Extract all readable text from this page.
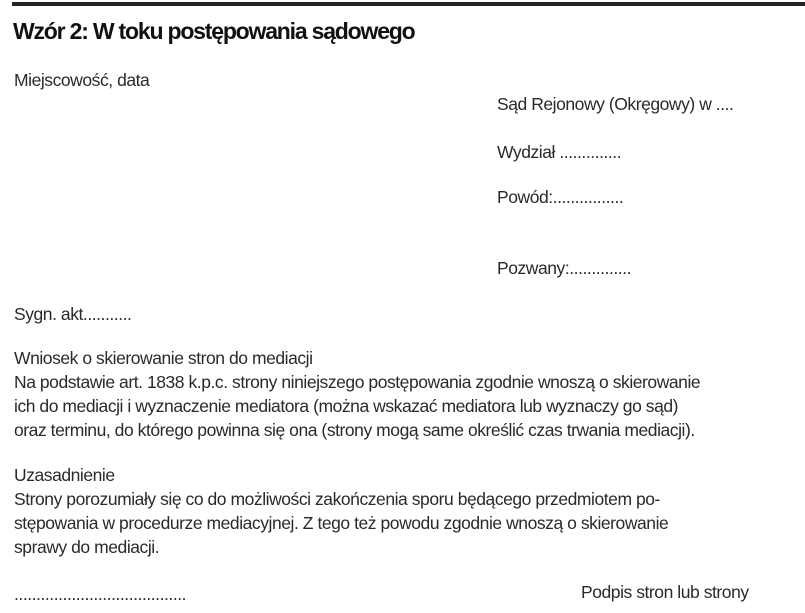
Wzór 2: W toku postępowania sądowego
Miejscowość, data
Sąd Rejonowy (Okręgowy) w ....
Wydział ..............
Powód:................
Pozwany:..............
Sygn. akt...........
Wniosek o skierowanie stron do mediacji
Na podstawie art. 1838 k.p.c. strony niniejszego postępowania zgodnie wnoszą o skierowanie
ich do mediacji i wyznaczenie mediatora (można wskazać mediatora lub wyznaczy go sąd)
oraz terminu, do którego powinna się ona (strony mogą same określić czas trwania mediacji).
Uzasadnienie
Strony porozumiały się co do możliwości zakończenia sporu będącego przedmiotem po-
stępowania w procedurze mediacyjnej. Z tego też powodu zgodnie wnoszą o skierowanie
sprawy do mediacji.
.......................................	Podpis stron lub strony
